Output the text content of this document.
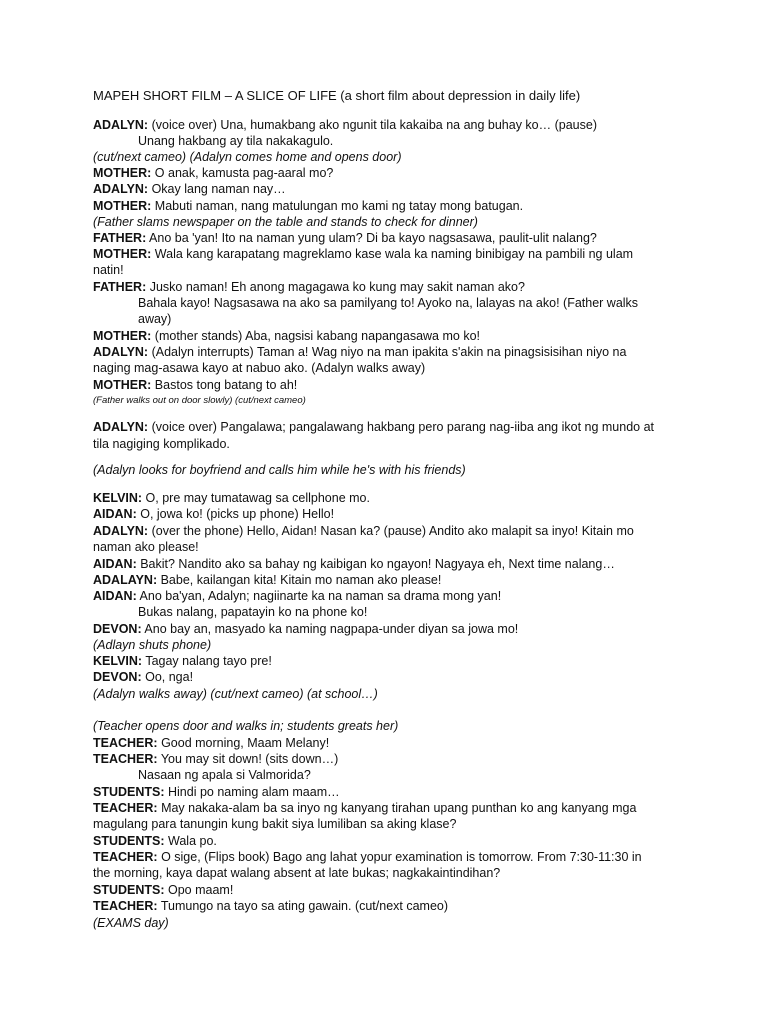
MAPEH SHORT FILM – A SLICE OF LIFE (a short film about depression in daily life)
ADALYN: (voice over) Una, humakbang ako ngunit tila kakaiba na ang buhay ko… (pause)
Unang hakbang ay tila nakakagulo.
(cut/next cameo) (Adalyn comes home and opens door)
MOTHER: O anak, kamusta pag-aaral mo?
ADALYN: Okay lang naman nay…
MOTHER: Mabuti naman, nang matulungan mo kami ng tatay mong batugan.
(Father slams newspaper on the table and stands to check for dinner)
FATHER: Ano ba 'yan! Ito na naman yung ulam? Di ba kayo nagsasawa, paulit-ulit nalang?
MOTHER: Wala kang karapatang magreklamo kase wala ka naming binibigay na pambili ng ulam
natin!
FATHER: Jusko naman! Eh anong magagawa ko kung may sakit naman ako?
Bahala kayo! Nagsasawa na ako sa pamilyang to! Ayoko na, lalayas na ako! (Father walks
away)
MOTHER: (mother stands) Aba, nagsisi kabang napangasawa mo ko!
ADALYN: (Adalyn interrupts) Taman a! Wag niyo na man ipakita s'akin na pinagsisisihan niyo na
naging mag-asawa kayo at nabuo ako. (Adalyn walks away)
MOTHER: Bastos tong batang to ah!
(Father walks out on door slowly) (cut/next cameo)
ADALYN: (voice over) Pangalawa; pangalawang hakbang pero parang nag-iiba ang ikot ng mundo at
tila nagiging komplikado.
(Adalyn looks for boyfriend and calls him while he's with his friends)
KELVIN: O, pre may tumatawag sa cellphone mo.
AIDAN: O, jowa ko! (picks up phone) Hello!
ADALYN: (over the phone) Hello, Aidan! Nasan ka? (pause) Andito ako malapit sa inyo! Kitain mo
naman ako please!
AIDAN: Bakit? Nandito ako sa bahay ng kaibigan ko ngayon! Nagyaya eh, Next time nalang…
ADALAYN: Babe, kailangan kita! Kitain mo naman ako please!
AIDAN: Ano ba'yan, Adalyn; nagiinarte ka na naman sa drama mong yan!
Bukas nalang, papatayin ko na phone ko!
DEVON: Ano bay an, masyado ka naming nagpapa-under diyan sa jowa mo!
(Adlayn shuts phone)
KELVIN: Tagay nalang tayo pre!
DEVON: Oo, nga!
(Adalyn walks away) (cut/next cameo) (at school…)
(Teacher opens door and walks in; students greats her)
TEACHER: Good morning, Maam Melany!
TEACHER: You may sit down! (sits down…)
Nasaan ng apala si Valmorida?
STUDENTS: Hindi po naming alam maam…
TEACHER: May nakaka-alam ba sa inyo ng kanyang tirahan upang punthan ko ang kanyang mga
magulang para tanungin kung bakit siya lumiliban sa aking klase?
STUDENTS: Wala po.
TEACHER: O sige, (Flips book) Bago ang lahat yopur examination is tomorrow. From 7:30-11:30 in
the morning, kaya dapat walang absent at late bukas; nagkakaintindihan?
STUDENTS: Opo maam!
TEACHER: Tumungo na tayo sa ating gawain. (cut/next cameo)
(EXAMS day)
